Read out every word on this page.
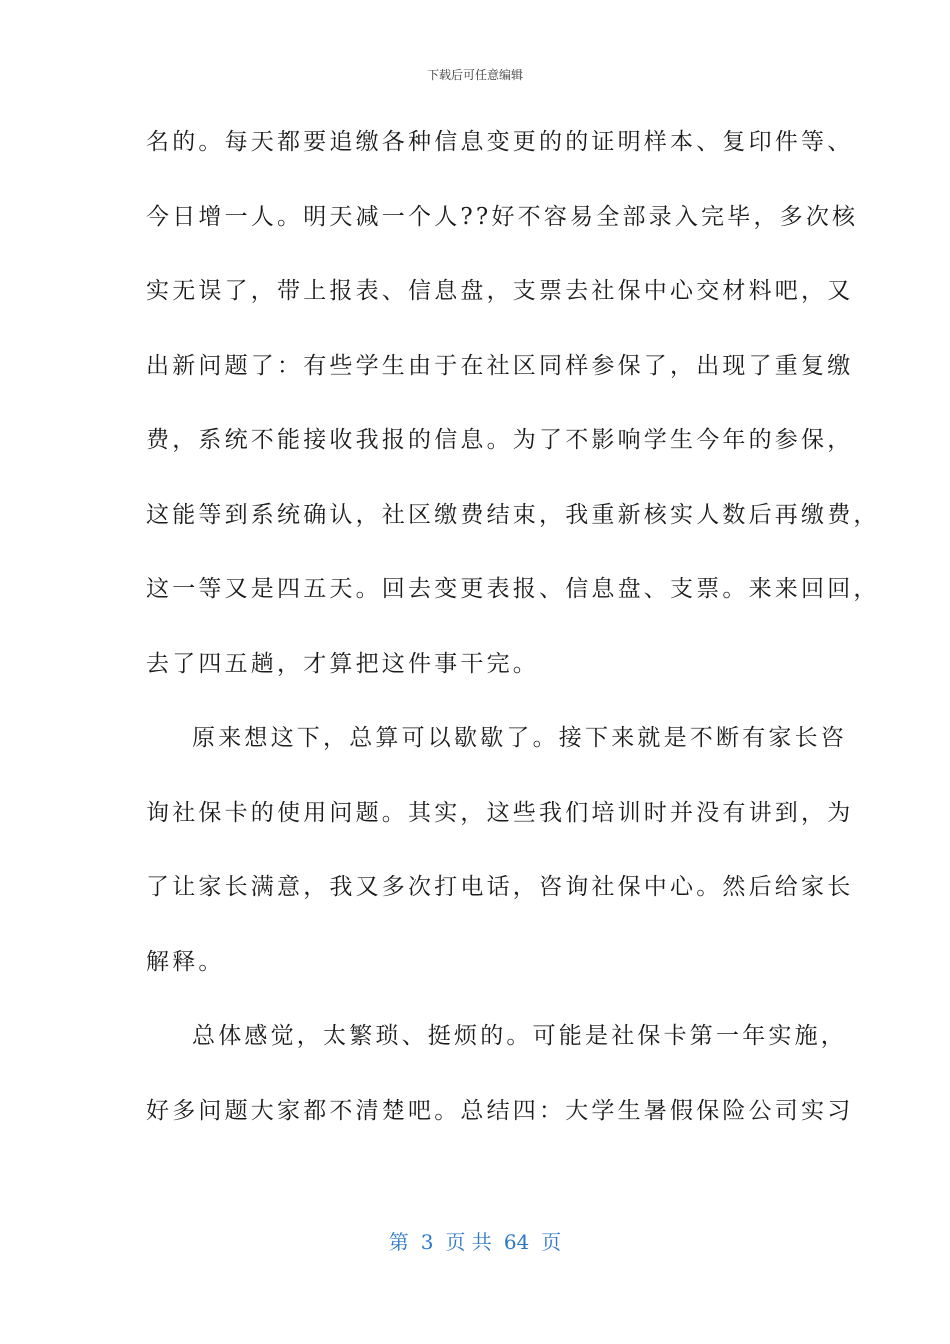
下载后可任意编辑
名的。每天都要追缴各种信息变更的的证明样本、复印件等、
今日增一人。明天减一个人??好不容易全部录入完毕，多次核
实无误了，带上报表、信息盘，支票去社保中心交材料吧，又
出新问题了：有些学生由于在社区同样参保了，出现了重复缴
费，系统不能接收我报的信息。为了不影响学生今年的参保，
这能等到系统确认，社区缴费结束，我重新核实人数后再缴费，
这一等又是四五天。回去变更表报、信息盘、支票。来来回回，
去了四五趟，才算把这件事干完。
原来想这下，总算可以歇歇了。接下来就是不断有家长咨
询社保卡的使用问题。其实，这些我们培训时并没有讲到，为
了让家长满意，我又多次打电话，咨询社保中心。然后给家长
解释。
总体感觉，太繁琐、挺烦的。可能是社保卡第一年实施，
好多问题大家都不清楚吧。总结四：大学生暑假保险公司实习
第 3 页 共 64 页
